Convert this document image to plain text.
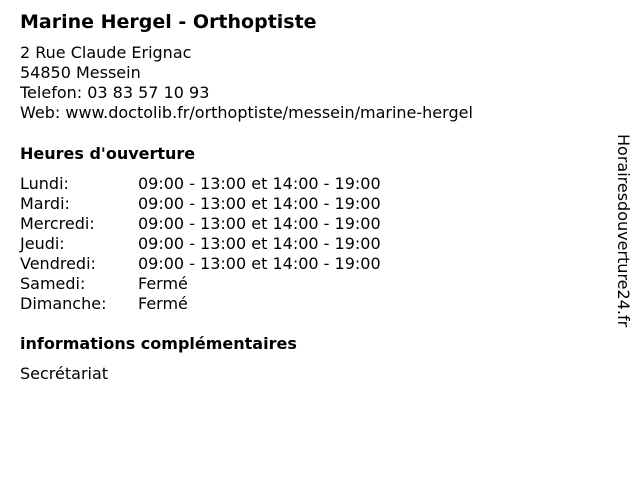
Marine Hergel - Orthoptiste
2 Rue Claude Erignac
54850 Messein
Telefon: 03 83 57 10 93
Web: www.doctolib.fr/orthoptiste/messein/marine-hergel
Heures d'ouverture
Lundi:	09:00 - 13:00 et 14:00 - 19:00
Mardi:	09:00 - 13:00 et 14:00 - 19:00
Mercredi:	09:00 - 13:00 et 14:00 - 19:00
Jeudi:	09:00 - 13:00 et 14:00 - 19:00
Vendredi:	09:00 - 13:00 et 14:00 - 19:00
Samedi:	Fermé
Dimanche: Fermé
informations complémentaires
Secrétariat
Horairesdouverture24.fr
